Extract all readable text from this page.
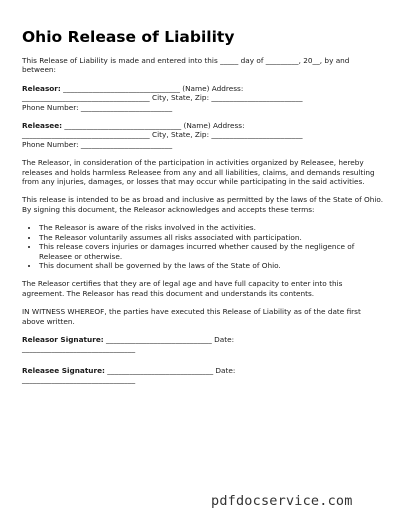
Ohio Release of Liability

This Release of Liability is made and entered into this _____ day of _________, 20__, by and between:

Releasor: ________________________________ (Name) Address:
___________________________________ City, State, Zip: _________________________
Phone Number: _________________________
Releasee: ________________________________ (Name) Address:
___________________________________ City, State, Zip: _________________________
Phone Number: _________________________

The Releasor, in consideration of the participation in activities organized by Releasee, hereby releases and holds harmless Releasee from any and all liabilities, claims, and demands resulting from any injuries, damages, or losses that may occur while participating in the said activities.

This release is intended to be as broad and inclusive as permitted by the laws of the State of Ohio. By signing this document, the Releasor acknowledges and accepts these terms:

• The Releasor is aware of the risks involved in the activities.
• The Releasor voluntarily assumes all risks associated with participation.
• This release covers injuries or damages incurred whether caused by the negligence of Releasee or otherwise.
• This document shall be governed by the laws of the State of Ohio.

The Releasor certifies that they are of legal age and have full capacity to enter into this agreement. The Releasor has read this document and understands its contents.

IN WITNESS WHEREOF, the parties have executed this Release of Liability as of the date first above written.

Releasor Signature: _____________________________ Date:
_______________________________
Releasee Signature: _____________________________ Date:
_______________________________
pdfdocservice.com
